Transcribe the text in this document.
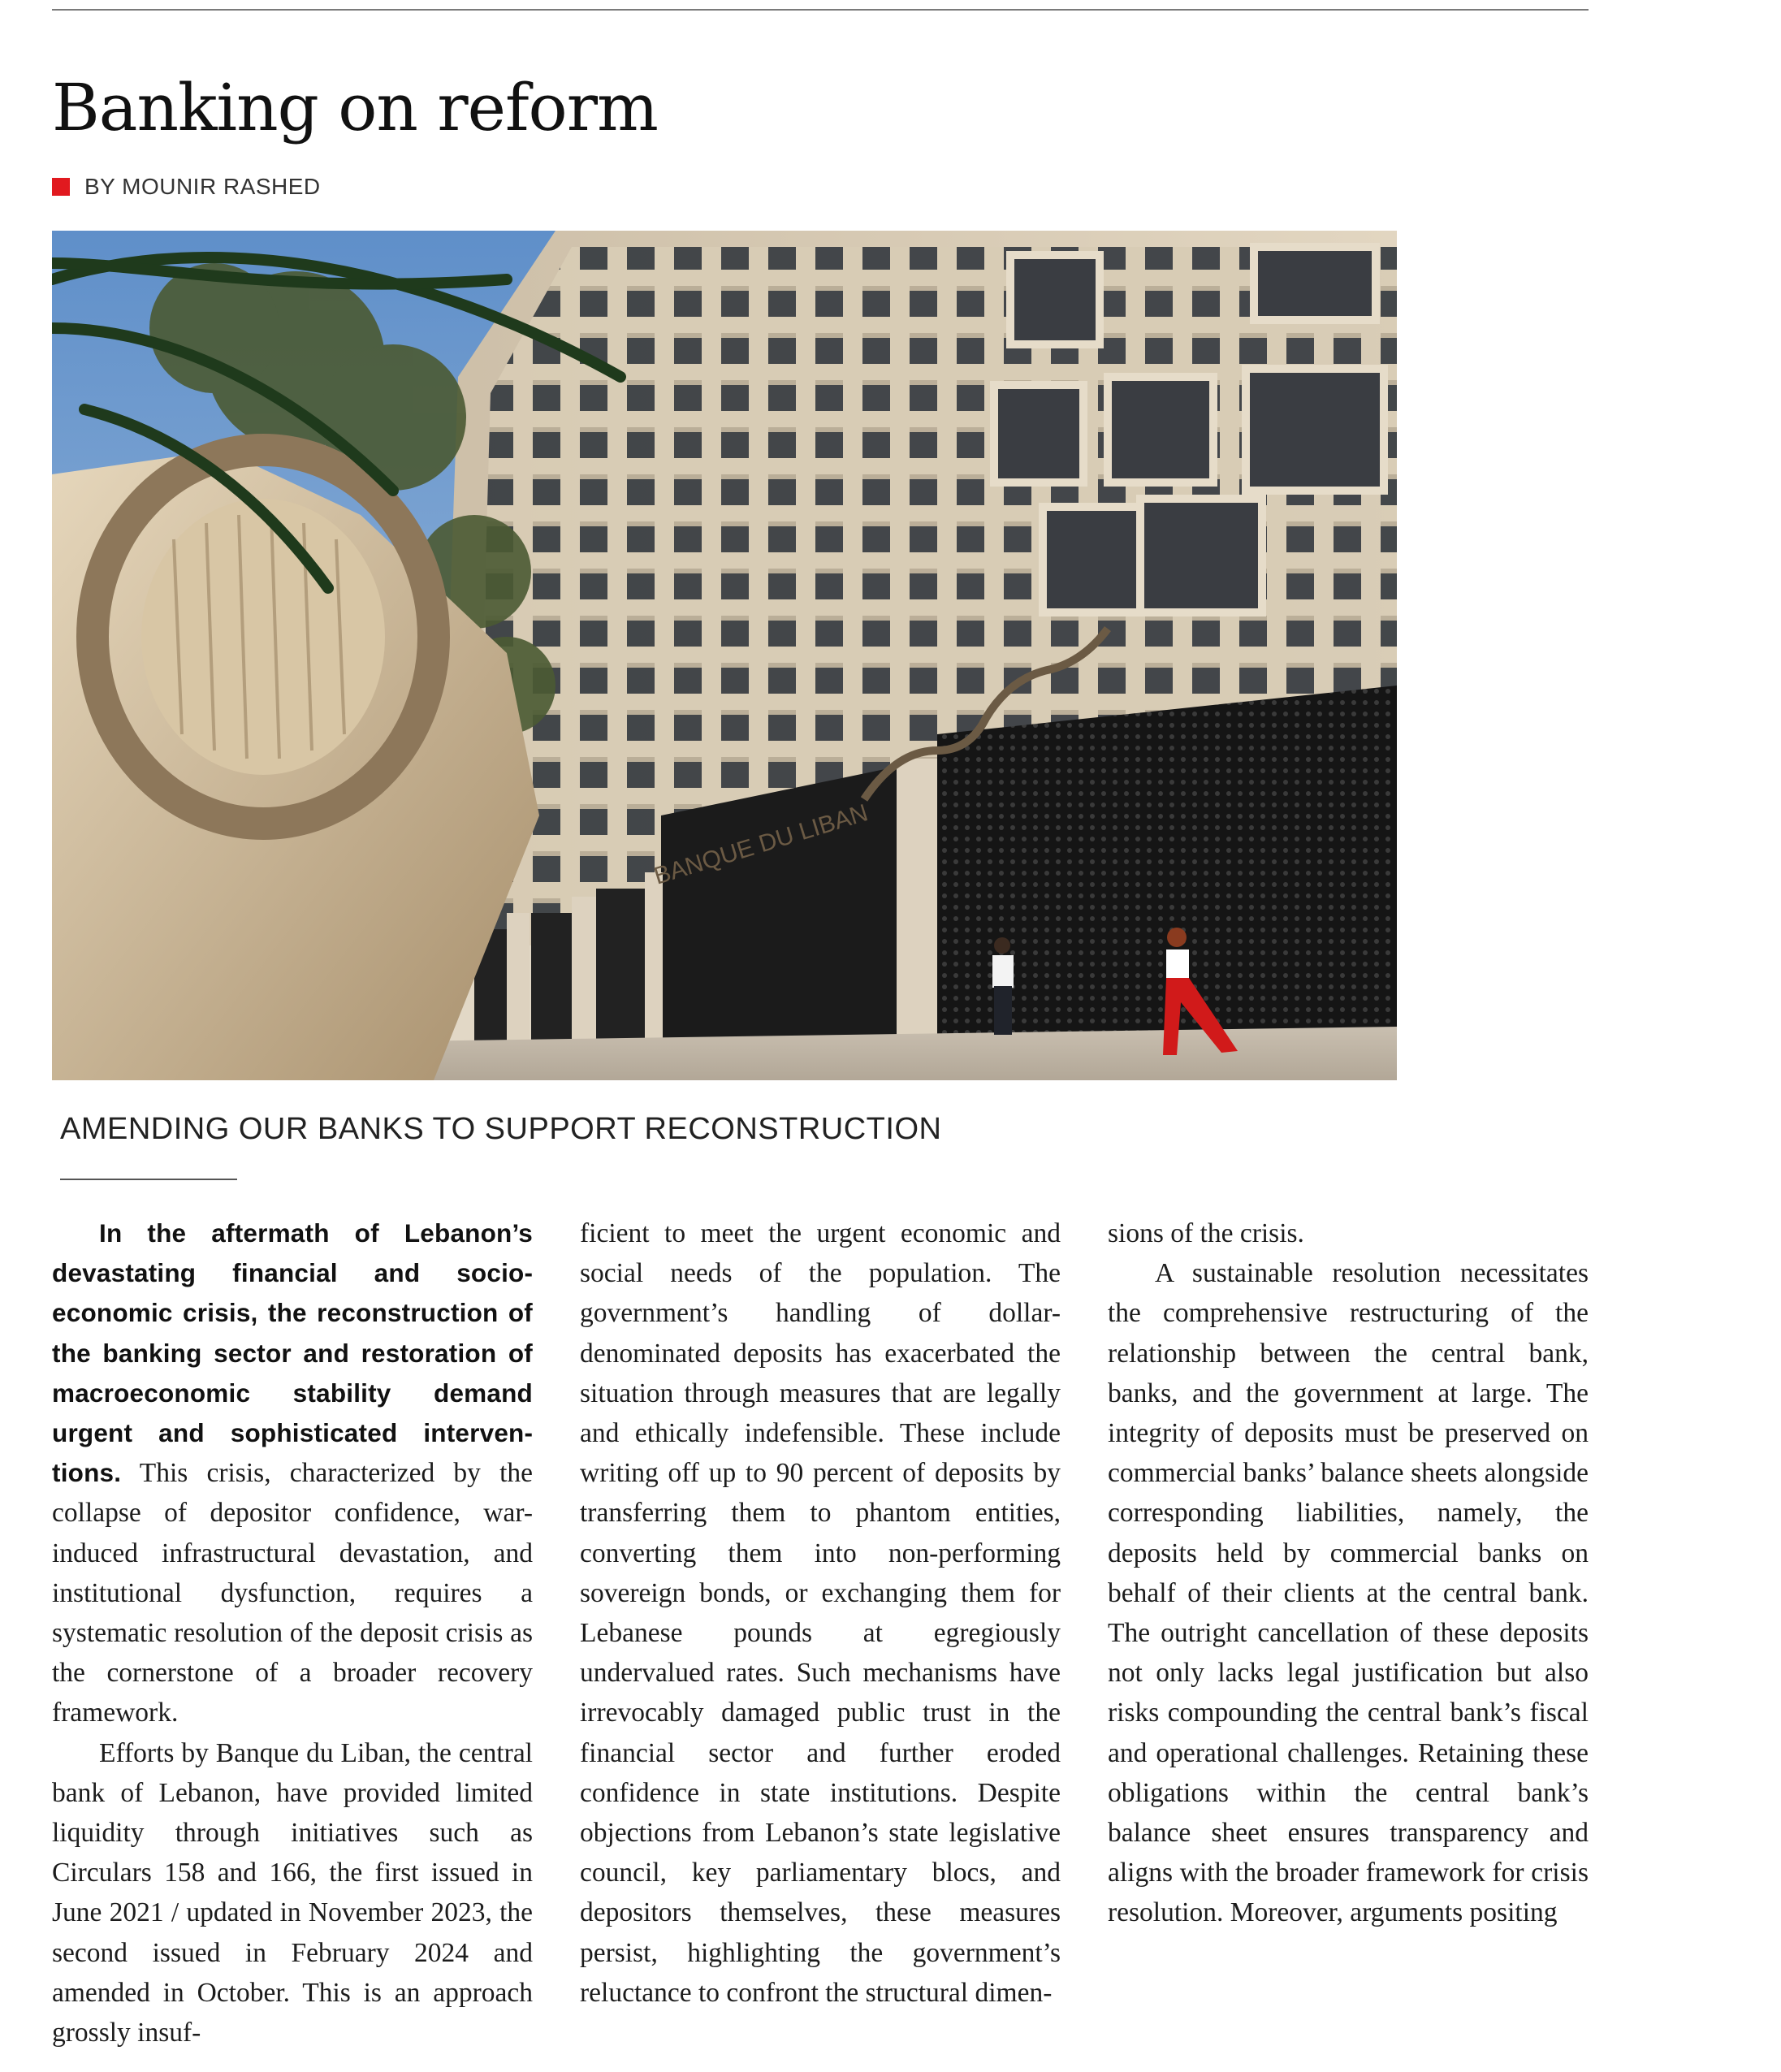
Banking on reform
BY MOUNIR RASHED
BANQUE DU LIBAN
AMENDING OUR BANKS TO SUPPORT RECONSTRUCTION

In the aftermath of Lebanon’s devastating financial and socioeconomic crisis, the reconstruction of the banking sector and restoration of macroeconomic stability demand urgent and sophisticated interventions. This crisis, characterized by the collapse of depositor confidence, war-induced infrastructural devastation, and institutional dysfunction, requires a systematic resolution of the deposit crisis as the cornerstone of a broader recovery framework.

Efforts by Banque du Liban, the central bank of Lebanon, have provided limited liquidity through initiatives such as Circulars 158 and 166, the first issued in June 2021 / updated in November 2023, the second issued in February 2024 and amended in October. This is an approach grossly insuf-

ficient to meet the urgent economic and social needs of the population. The government’s handling of dollar-denominated deposits has exacerbated the situation through measures that are legally and ethically indefensible. These include writing off up to 90 percent of deposits by transferring them to phantom entities, converting them into non-performing sovereign bonds, or exchanging them for Lebanese pounds at egregiously undervalued rates. Such mechanisms have irrevocably damaged public trust in the financial sector and further eroded confidence in state institutions. Despite objections from Lebanon’s state legislative council, key parliamentary blocs, and depositors themselves, these measures persist, highlighting the government’s reluctance to confront the structural dimen-

sions of the crisis.

A sustainable resolution necessitates the comprehensive restructuring of the relationship between the central bank, banks, and the government at large. The integrity of deposits must be preserved on commercial banks’ balance sheets alongside corresponding liabilities, namely, the deposits held by commercial banks on behalf of their clients at the central bank. The outright cancellation of these deposits not only lacks legal justification but also risks compounding the central bank’s fiscal and operational challenges. Retaining these obligations within the central bank’s balance sheet ensures transparency and aligns with the broader framework for crisis resolution. Moreover, arguments positing
